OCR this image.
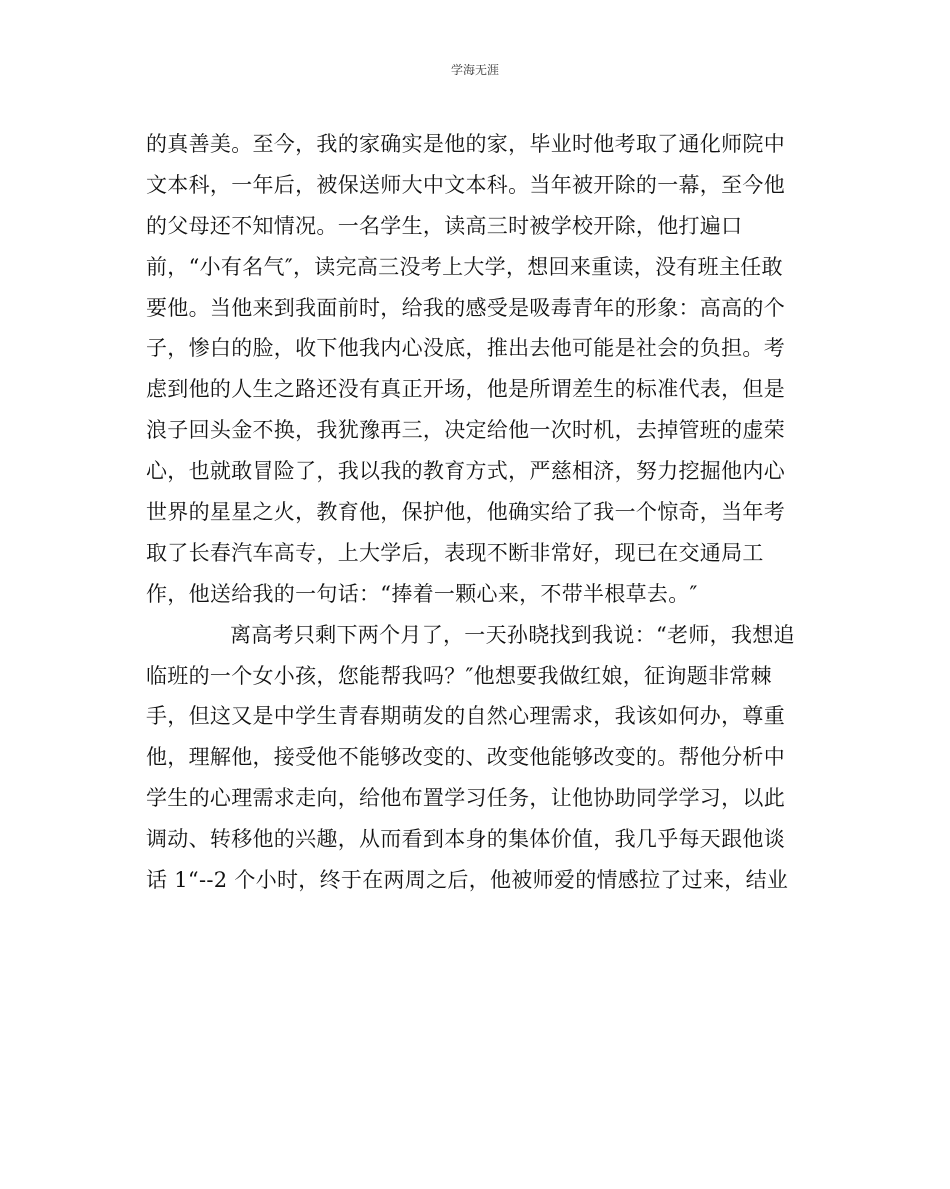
学海无涯
的真善美。至今，我的家确实是他的家，毕业时他考取了通化师院中
文本科，一年后，被保送师大中文本科。当年被开除的一幕，至今他
的父母还不知情况。一名学生，读高三时被学校开除，他打遍口
前，“小有名气″，读完高三没考上大学，想回来重读，没有班主任敢
要他。当他来到我面前时，给我的感受是吸毒青年的形象：高高的个
子，惨白的脸，收下他我内心没底，推出去他可能是社会的负担。考
虑到他的人生之路还没有真正开场，他是所谓差生的标准代表，但是
浪子回头金不换，我犹豫再三，决定给他一次时机，去掉管班的虚荣
心，也就敢冒险了，我以我的教育方式，严慈相济，努力挖掘他内心
世界的星星之火，教育他，保护他，他确实给了我一个惊奇，当年考
取了长春汽车高专，上大学后，表现不断非常好，现已在交通局工
作，他送给我的一句话：“捧着一颗心来，不带半根草去。″
离高考只剩下两个月了，一天孙晓找到我说：“老师，我想追
临班的一个女小孩，您能帮我吗？″他想要我做红娘，征询题非常棘
手，但这又是中学生青春期萌发的自然心理需求，我该如何办，尊重
他，理解他，接受他不能够改变的、改变他能够改变的。帮他分析中
学生的心理需求走向，给他布置学习任务，让他协助同学学习，以此
调动、转移他的兴趣，从而看到本身的集体价值，我几乎每天跟他谈
话 1“--2 个小时，终于在两周之后，他被师爱的情感拉了过来，结业
